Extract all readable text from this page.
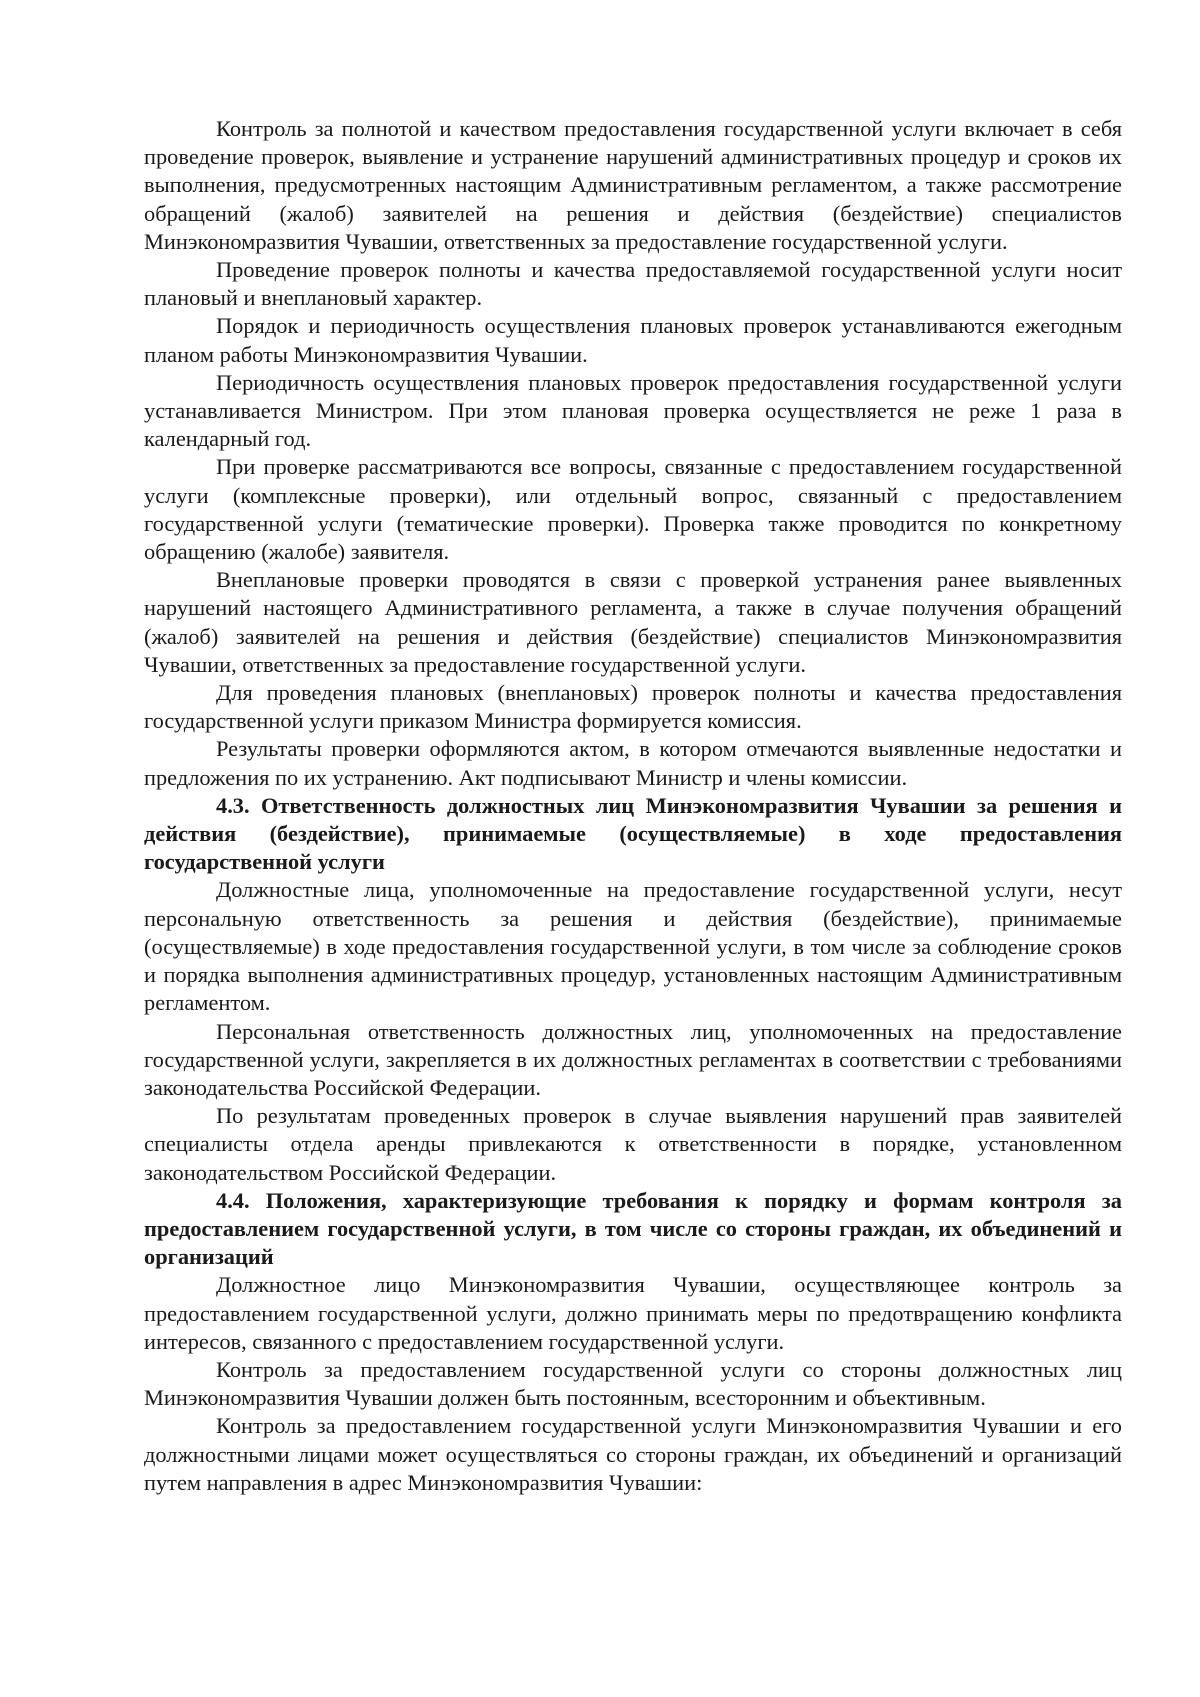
Контроль за полнотой и качеством предоставления государственной услуги включает в себя проведение проверок, выявление и устранение нарушений административных процедур и сроков их выполнения, предусмотренных настоящим Административным регламентом, а также рассмотрение обращений (жалоб) заявителей на решения и действия (бездействие) специалистов Минэкономразвития Чувашии, ответственных за предоставление государственной услуги.

Проведение проверок полноты и качества предоставляемой государственной услуги носит плановый и внеплановый характер.

Порядок и периодичность осуществления плановых проверок устанавливаются ежегодным планом работы Минэкономразвития Чувашии.

Периодичность осуществления плановых проверок предоставления государственной услуги устанавливается Министром. При этом плановая проверка осуществляется не реже 1 раза в календарный год.

При проверке рассматриваются все вопросы, связанные с предоставлением государственной услуги (комплексные проверки), или отдельный вопрос, связанный с предоставлением государственной услуги (тематические проверки). Проверка также проводится по конкретному обращению (жалобе) заявителя.

Внеплановые проверки проводятся в связи с проверкой устранения ранее выявленных нарушений настоящего Административного регламента, а также в случае получения обращений (жалоб) заявителей на решения и действия (бездействие) специалистов Минэкономразвития Чувашии, ответственных за предоставление государственной услуги.

Для проведения плановых (внеплановых) проверок полноты и качества предоставления государственной услуги приказом Министра формируется комиссия.

Результаты проверки оформляются актом, в котором отмечаются выявленные недостатки и предложения по их устранению. Акт подписывают Министр и члены комиссии.

4.3. Ответственность должностных лиц Минэкономразвития Чувашии за решения и действия (бездействие), принимаемые (осуществляемые) в ходе предоставления государственной услуги

Должностные лица, уполномоченные на предоставление государственной услуги, несут персональную ответственность за решения и действия (бездействие), принимаемые (осуществляемые) в ходе предоставления государственной услуги, в том числе за соблюдение сроков и порядка выполнения административных процедур, установленных настоящим Административным регламентом.

Персональная ответственность должностных лиц, уполномоченных на предоставление государственной услуги, закрепляется в их должностных регламентах в соответствии с требованиями законодательства Российской Федерации.

По результатам проведенных проверок в случае выявления нарушений прав заявителей специалисты отдела аренды привлекаются к ответственности в порядке, установленном законодательством Российской Федерации.

4.4. Положения, характеризующие требования к порядку и формам контроля за предоставлением государственной услуги, в том числе со стороны граждан, их объединений и организаций

Должностное лицо Минэкономразвития Чувашии, осуществляющее контроль за предоставлением государственной услуги, должно принимать меры по предотвращению конфликта интересов, связанного с предоставлением государственной услуги.

Контроль за предоставлением государственной услуги со стороны должностных лиц Минэкономразвития Чувашии должен быть постоянным, всесторонним и объективным.

Контроль за предоставлением государственной услуги Минэкономразвития Чувашии и его должностными лицами может осуществляться со стороны граждан, их объединений и организаций путем направления в адрес Минэкономразвития Чувашии:
